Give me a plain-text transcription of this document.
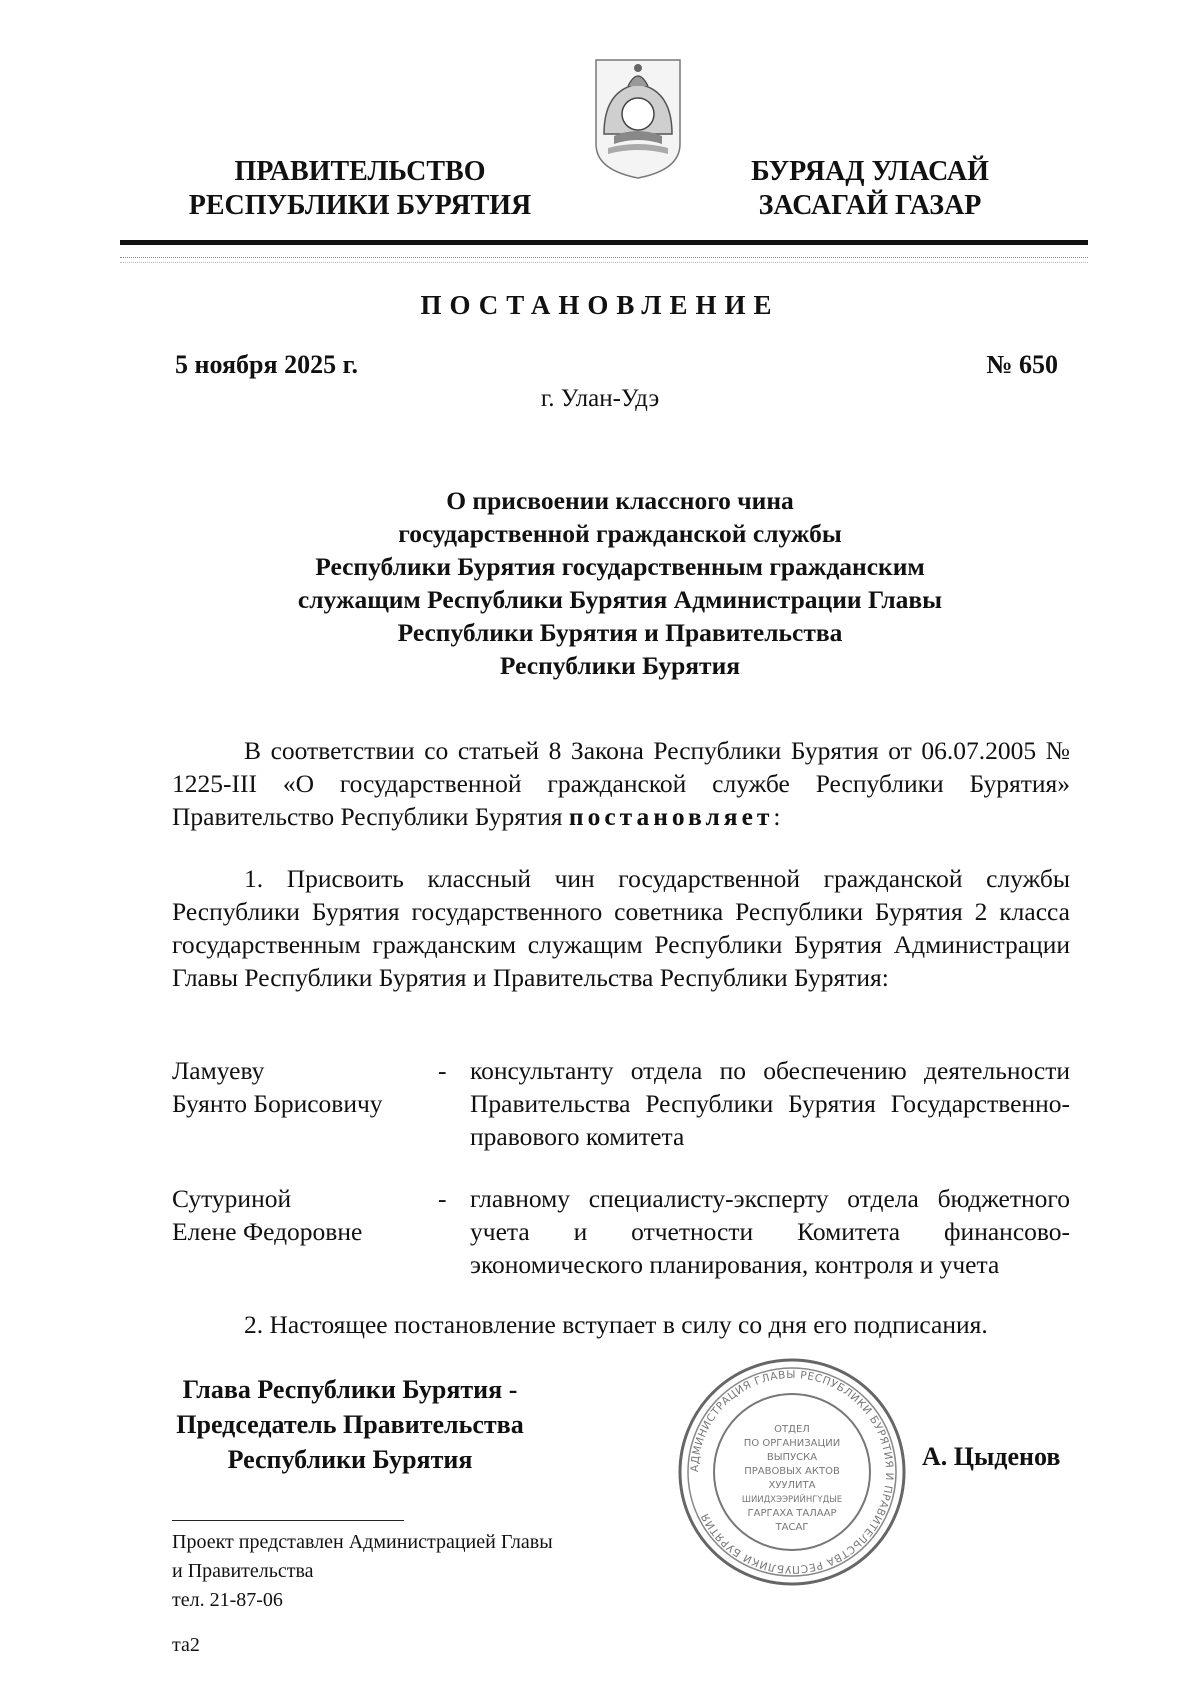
ПРАВИТЕЛЬСТВО
РЕСПУБЛИКИ БУРЯТИЯ
БУРЯАД УЛАСАЙ
ЗАСАГАЙ ГАЗАР
ПОСТАНОВЛЕНИЕ
5 ноября 2025 г.	№ 650
г. Улан-Удэ
О присвоении классного чина
государственной гражданской службы
Республики Бурятия государственным гражданским
служащим Республики Бурятия Администрации Главы
Республики Бурятия и Правительства
Республики Бурятия
В соответствии со статьей 8 Закона Республики Бурятия от 06.07.2005 № 1225-III «О государственной гражданской службе Республики Бурятия» Правительство Республики Бурятия постановляет:
1. Присвоить классный чин государственной гражданской службы Республики Бурятия государственного советника Республики Бурятия 2 класса государственным гражданским служащим Республики Бурятия Администрации Главы Республики Бурятия и Правительства Республики Бурятия:
Ламуеву
Буянто Борисовичу
- консультанту отдела по обеспечению деятельности Правительства Республики Бурятия Государственно-правового комитета
Сутуриной
Елене Федоровне
- главному специалисту-эксперту отдела бюджетного учета и отчетности Комитета финансово-экономического планирования, контроля и учета
2. Настоящее постановление вступает в силу со дня его подписания.
Глава Республики Бурятия -
Председатель Правительства
Республики Бурятия	АДМИНИСТРАЦИЯ ГЛАВЫ РЕСПУБЛИКИ БУРЯТИЯ И ПРАВИТЕЛЬСТВА РЕСПУБЛИКИ БУРЯТИЯ
ОТДЕЛ
ПО ОРГАНИЗАЦИИ
ВЫПУСКА
ПРАВОВЫХ АКТОВ
ХУУЛИТА
ШИИДХЭЭРИЙНГҮДЫЕ
ГАРГАХА ТАЛААР
ТАСАГ
А. Цыденов
Проект представлен Администрацией Главы
и Правительства
тел. 21-87-06
та2
